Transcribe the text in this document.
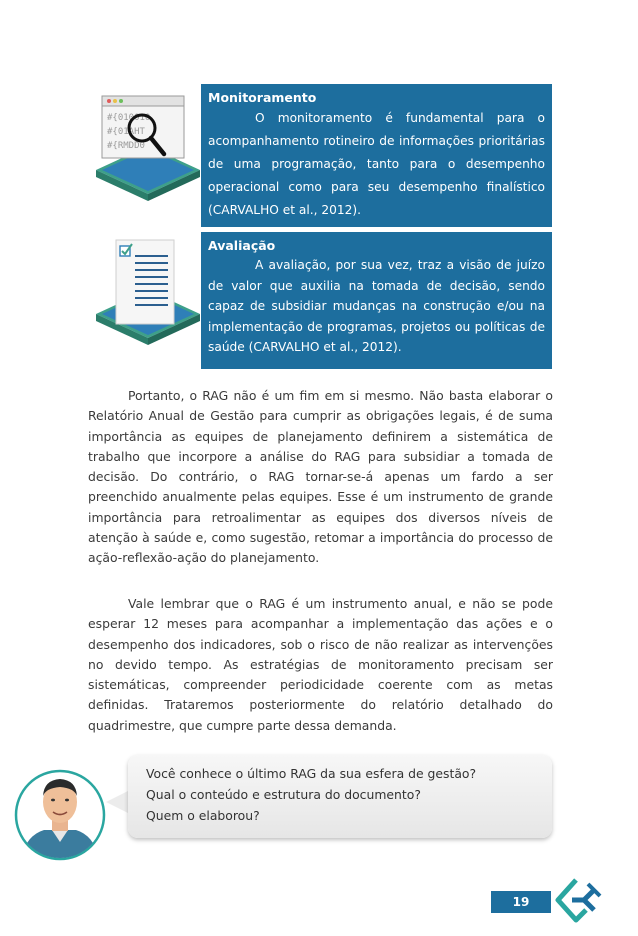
#{010010
#{01AHT
#{RMDD0
Monitoramento

O monitoramento é fundamental para o acompanhamento rotineiro de informações prioritárias de uma programação, tanto para o desempenho operacional como para seu desempenho finalístico (CARVALHO et al., 2012).

Avaliação

A avaliação, por sua vez, traz a visão de juízo de valor que auxilia na tomada de decisão, sendo capaz de subsidiar mudanças na construção e/ou na implementação de programas, projetos ou políticas de saúde (CARVALHO et al., 2012).

Portanto, o RAG não é um fim em si mesmo. Não basta elaborar o Relatório Anual de Gestão para cumprir as obrigações legais, é de suma importância as equipes de planejamento definirem a sistemática de trabalho que incorpore a análise do RAG para subsidiar a tomada de decisão. Do contrário, o RAG tornar-se-á apenas um fardo a ser preenchido anualmente pelas equipes. Esse é um instrumento de grande importância para retroalimentar as equipes dos diversos níveis de atenção à saúde e, como sugestão, retomar a importância do processo de ação-reflexão-ação do planejamento.

Vale lembrar que o RAG é um instrumento anual, e não se pode esperar 12 meses para acompanhar a implementação das ações e o desempenho dos indicadores, sob o risco de não realizar as intervenções no devido tempo. As estratégias de monitoramento precisam ser sistemáticas, compreender periodicidade coerente com as metas definidas. Trataremos posteriormente do relatório detalhado do quadrimestre, que cumpre parte dessa demanda.

Você conhece o último RAG da sua esfera de gestão?

Qual o conteúdo e estrutura do documento?

Quem o elaborou?

19
